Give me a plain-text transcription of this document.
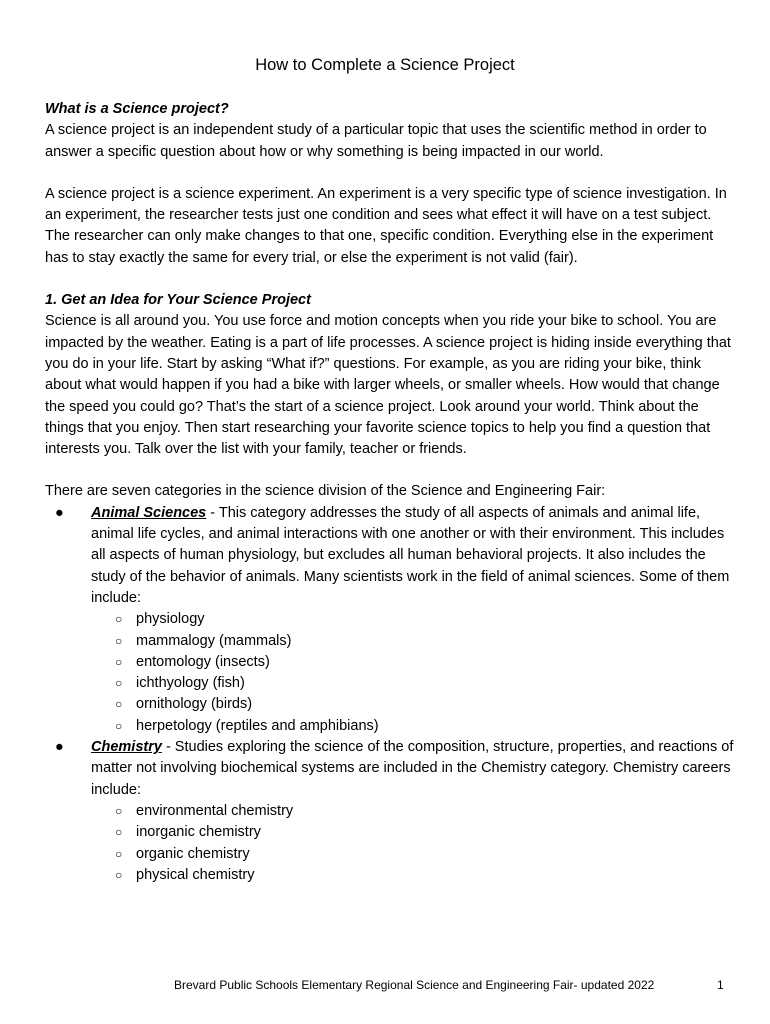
How to Complete a Science Project

What is a Science project?

A science project is an independent study of a particular topic that uses the scientific method in order to answer a specific question about how or why something is being impacted in our world.

A science project is a science experiment. An experiment is a very specific type of science investigation. In an experiment, the researcher tests just one condition and sees what effect it will have on a test subject. The researcher can only make changes to that one, specific condition. Everything else in the experiment has to stay exactly the same for every trial, or else the experiment is not valid (fair).

1. Get an Idea for Your Science Project

Science is all around you. You use force and motion concepts when you ride your bike to school. You are impacted by the weather. Eating is a part of life processes. A science project is hiding inside everything that you do in your life. Start by asking “What if?” questions. For example, as you are riding your bike, think about what would happen if you had a bike with larger wheels, or smaller wheels. How would that change the speed you could go? That’s the start of a science project. Look around your world. Think about the things that you enjoy. Then start researching your favorite science topics to help you find a question that interests you. Talk over the list with your family, teacher or friends.

There are seven categories in the science division of the Science and Engineering Fair:

● Animal Sciences - This category addresses the study of all aspects of animals and animal life, animal life cycles, and animal interactions with one another or with their environment. This includes all aspects of human physiology, but excludes all human behavioral projects. It also includes the study of the behavior of animals. Many scientists work in the field of animal sciences. Some of them include:
○ physiology
○ mammalogy (mammals)
○ entomology (insects)
○ ichthyology (fish)
○ ornithology (birds)
○ herpetology (reptiles and amphibians)
● Chemistry - Studies exploring the science of the composition, structure, properties, and reactions of matter not involving biochemical systems are included in the Chemistry category. Chemistry careers include:
○ environmental chemistry
○ inorganic chemistry
○ organic chemistry
○ physical chemistry
Brevard Public Schools Elementary Regional Science and Engineering Fair- updated 2022	1
